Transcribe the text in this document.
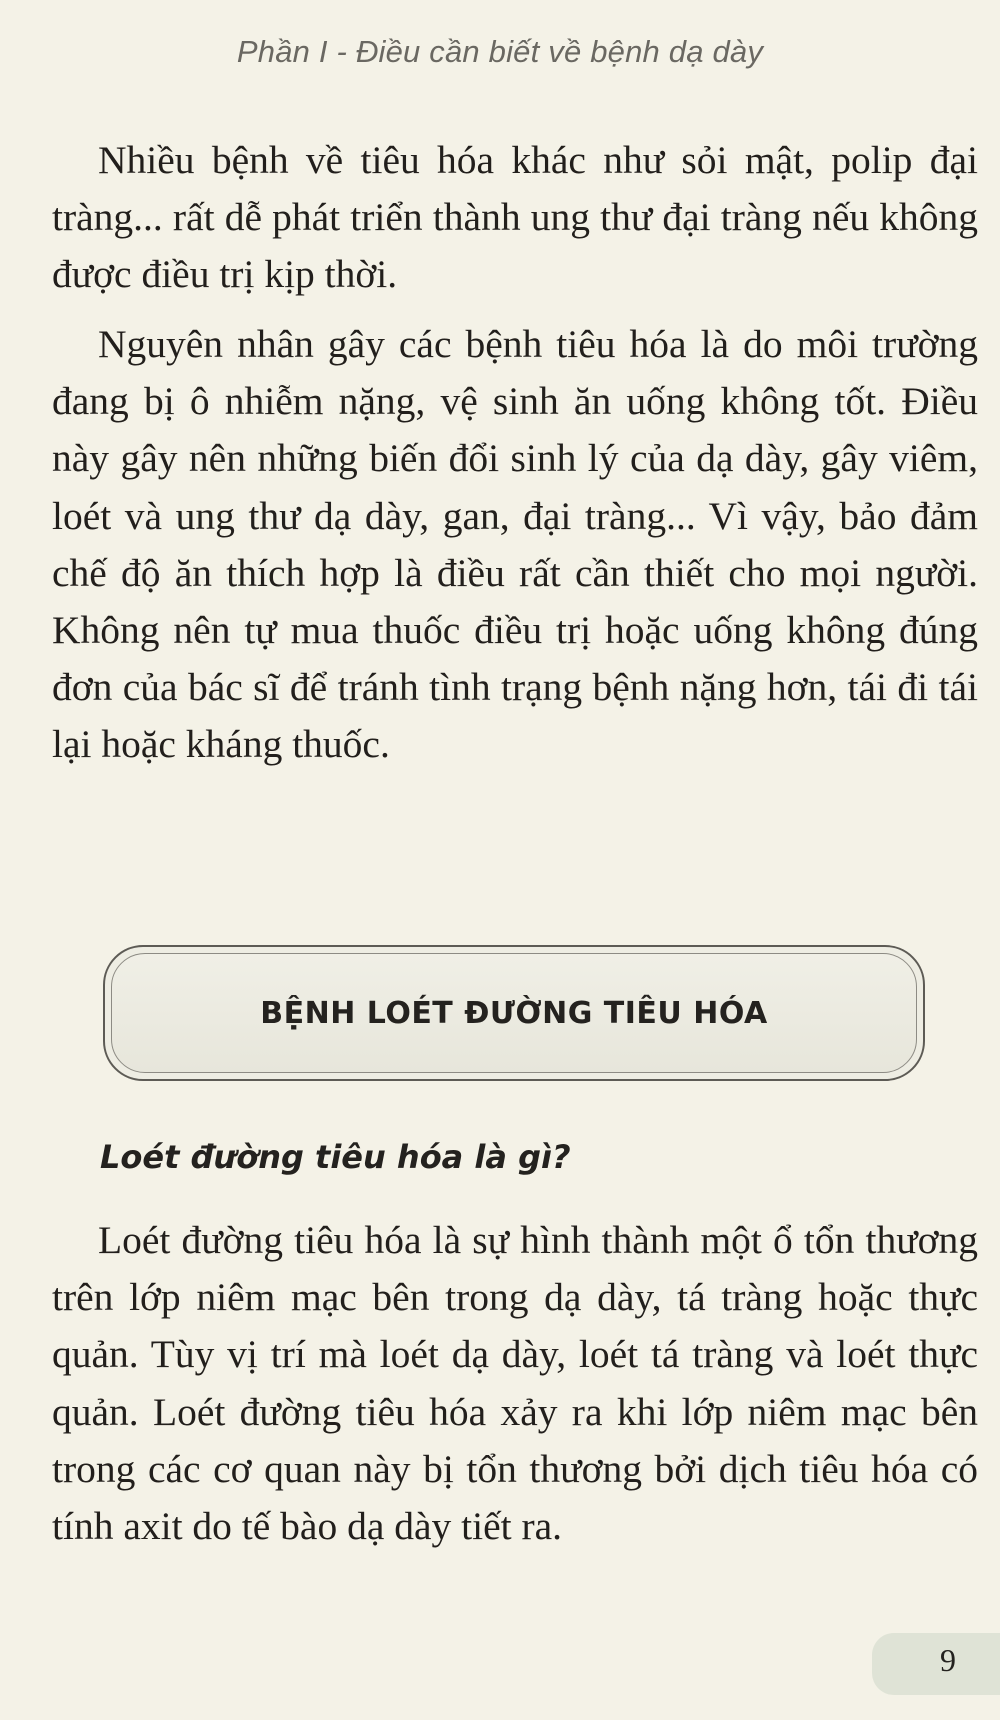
Phần I - Điều cần biết về bệnh dạ dày

Nhiều bệnh về tiêu hóa khác như sỏi mật, polip đại tràng... rất dễ phát triển thành ung thư đại tràng nếu không được điều trị kịp thời.

Nguyên nhân gây các bệnh tiêu hóa là do môi trường đang bị ô nhiễm nặng, vệ sinh ăn uống không tốt. Điều này gây nên những biến đổi sinh lý của dạ dày, gây viêm, loét và ung thư dạ dày, gan, đại tràng... Vì vậy, bảo đảm chế độ ăn thích hợp là điều rất cần thiết cho mọi người. Không nên tự mua thuốc điều trị hoặc uống không đúng đơn của bác sĩ để tránh tình trạng bệnh nặng hơn, tái đi tái lại hoặc kháng thuốc.

BỆNH LOÉT ĐƯỜNG TIÊU HÓA
Loét đường tiêu hóa là gì?

Loét đường tiêu hóa là sự hình thành một ổ tổn thương trên lớp niêm mạc bên trong dạ dày, tá tràng hoặc thực quản. Tùy vị trí mà loét dạ dày, loét tá tràng và loét thực quản. Loét đường tiêu hóa xảy ra khi lớp niêm mạc bên trong các cơ quan này bị tổn thương bởi dịch tiêu hóa có tính axit do tế bào dạ dày tiết ra.

9
